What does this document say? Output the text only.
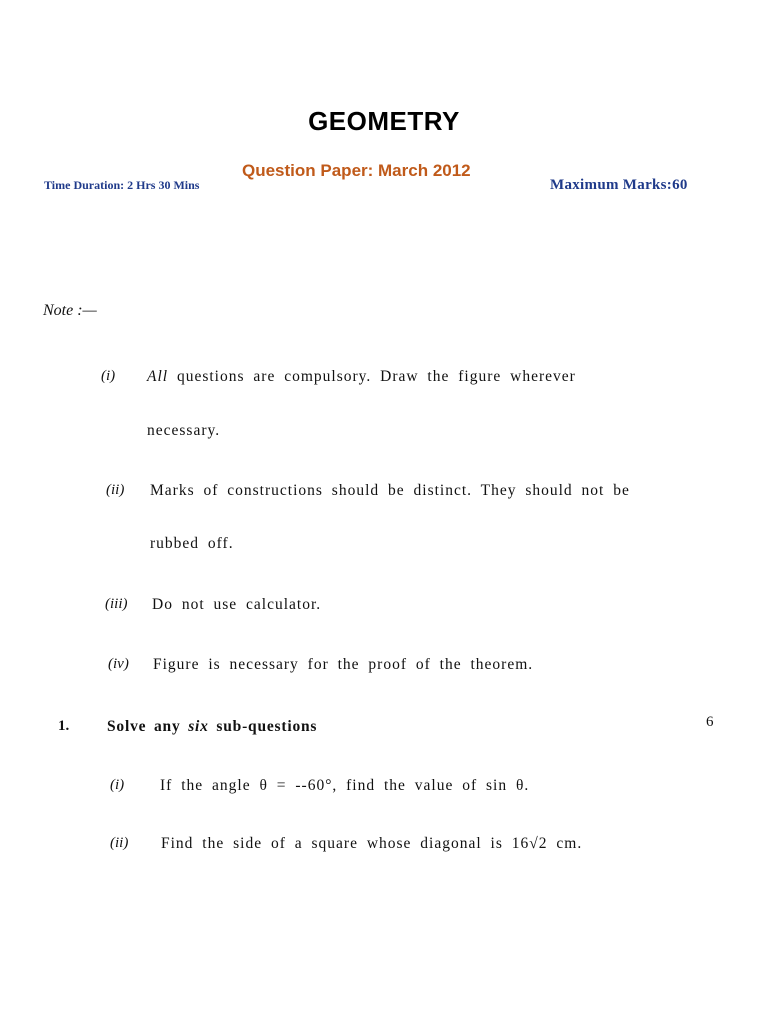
GEOMETRY
Question Paper: March 2012
Time Duration: 2 Hrs 30 Mins	Maximum Marks:60
Note :—
(i) All questions are compulsory. Draw the figure wherever
necessary.
(ii) Marks of constructions should be distinct. They should not be
rubbed off.
(iii) Do not use calculator.
(iv) Figure is necessary for the proof of the theorem.
1. Solve any six sub-questions	6
(i) If the angle θ = --60°, find the value of sin θ.
(ii) Find the side of a square whose diagonal is 16√2 cm.
